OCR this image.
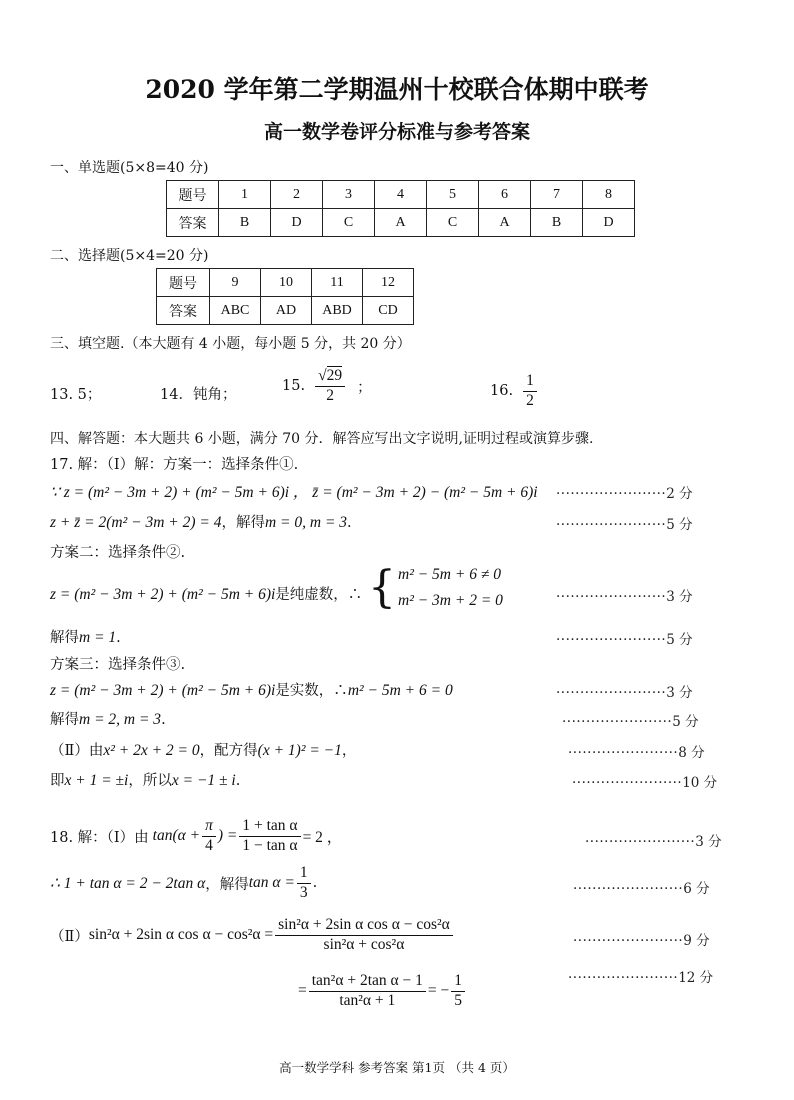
2020 学年第二学期温州十校联合体期中联考
高一数学卷评分标准与参考答案
一、单选题(5×8=40 分)
题号	1	2	3	4	5	6	7	8
答案	B	D	C	A	C	A	B	D
二、选择题(5×4=20 分)
题号	9	10	11	12
答案	ABC	AD	ABD	CD
三、填空题.（本大题有 4 小题，每小题 5 分，共 20 分）
13. 5；	14．钝角；
15. $\frac{√29}{2}$ ；	16. $\frac{1}{2}$
四、解答题：本大题共 6 小题，满分 70 分．解答应写出文字说明,证明过程或演算步骤.
17. 解：（Ⅰ）解：方案一：选择条件①.
∵ z = (m² − 3m + 2) + (m² − 5m + 6)i ， z̄ = (m² − 3m + 2) − (m² − 5m + 6)i ·······················2 分
z + z̄ = 2(m² − 3m + 2) = 4，解得m = 0, m = 3.	·······················5 分
方案二：选择条件②.
z = (m² − 3m + 2) + (m² − 5m + 6)i是纯虚数，∴ { m² − 5m + 6 ≠ 0
m² − 3m + 2 = 0	·······················3 分
解得m = 1.	·······················5 分
方案三：选择条件③.
z = (m² − 3m + 2) + (m² − 5m + 6)i是实数，∴m² − 5m + 6 = 0	·······················3 分
解得m = 2, m = 3.	·······················5 分
（Ⅱ）由x² + 2x + 2 = 0，配方得(x + 1)² = −1，	·······················8 分
即x + 1 = ±i，所以x = −1 ± i.	·······················10 分
18. 解：（Ⅰ）由 $\tan(\alpha + \frac{\pi}{4}$ ) = $\frac{\text{1 + tan α}}{\text{1 − tan α}} = 2$ ，	·······················3 分
∴ 1 + tan α = 2 − 2tan α ，解得 $\tan \alpha = \frac{1}{3}$ .	·······················6 分
（Ⅱ） sin²α + 2sin α $\cos \alpha - \cos^2\alpha = \frac{\text{sin²α + 2sin α cos α − cos²α}}{\text{sin²α + cos²α}}$	·······················9 分
= $\frac{\text{tan²α + 2tan α − 1}}{\text{tan²α + 1}}$ = − $\frac{1}{5}$	·······················12 分
高一数学学科 参考答案 第1页 （共 4 页）
